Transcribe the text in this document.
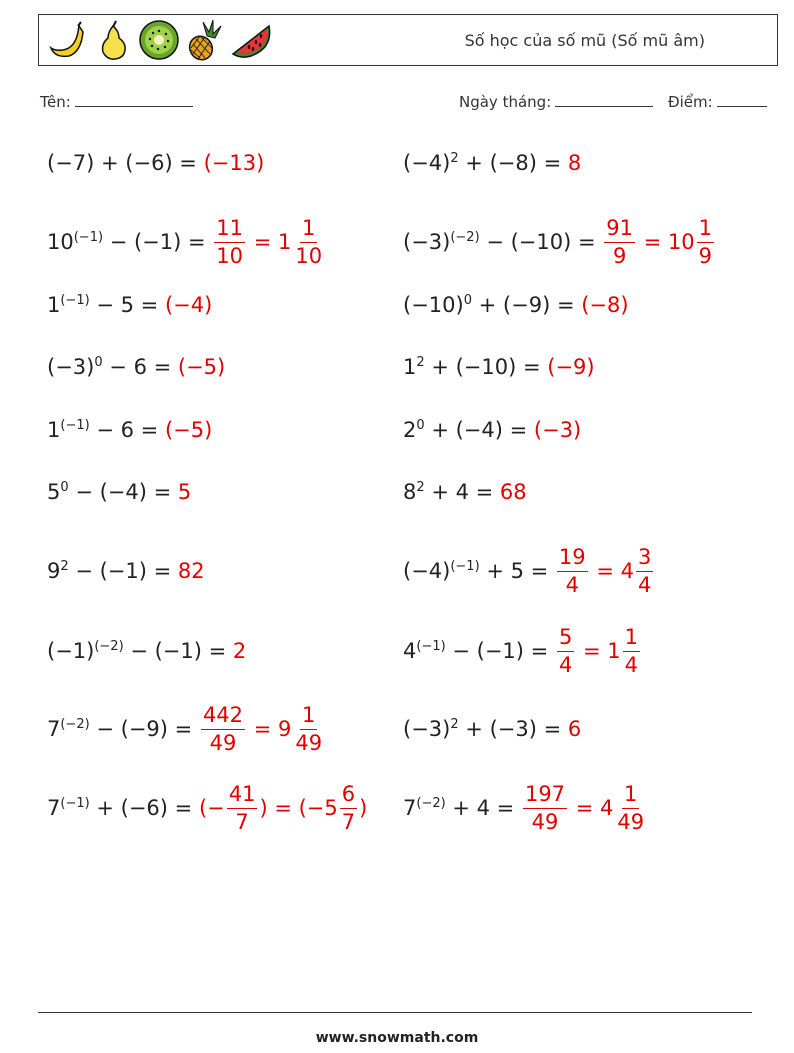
Số học của số mũ (Số mũ âm)
Tên:	Ngày tháng:	Điểm:
(−7) + (−6) = (−13)
$10^{(-1)} - (-1) = \frac{11}{10} = 1 \frac{1}{10}$
$1^{(-1)} - 5 = (-4)$
$(-3)^0 - 6 = (-5)$
$1^{(-1)} - 6 = (-5)$
$5^0 - (-4) = 5$
$9^2 - (-1) = 82$
$(-1)^{(-2)} - (-1) = 2$
$7^{(-2)} - (-9) = \frac{442}{49} = 9 \frac{1}{49}$
$7^{(-1)} + (-6)$ = (− $\frac{41}{7}$ ) = ($-5 \frac{6}{7}$ )
$(-4)^2 + (-8) = 8$
$(-3)^{(-2)} - (-10) = \frac{91}{9} = 10 \frac{1}{9}$
$(-10)^0 + (-9) = (-8)$
$1^2 + (-10) = (-9)$
$2^0 + (-4) = (-3)$
$8^2 + 4 = 68$
$(-4)^{(-1)} + 5 = \frac{19}{4} = 4 \frac{3}{4}$
$4^{(-1)} - (-1) = \frac{5}{4} = 1 \frac{1}{4}$
$(-3)^2 + (-3) = 6$
$7^{(-2)} + 4 = \frac{197}{49} = 4 \frac{1}{49}$
www.snowmath.com
